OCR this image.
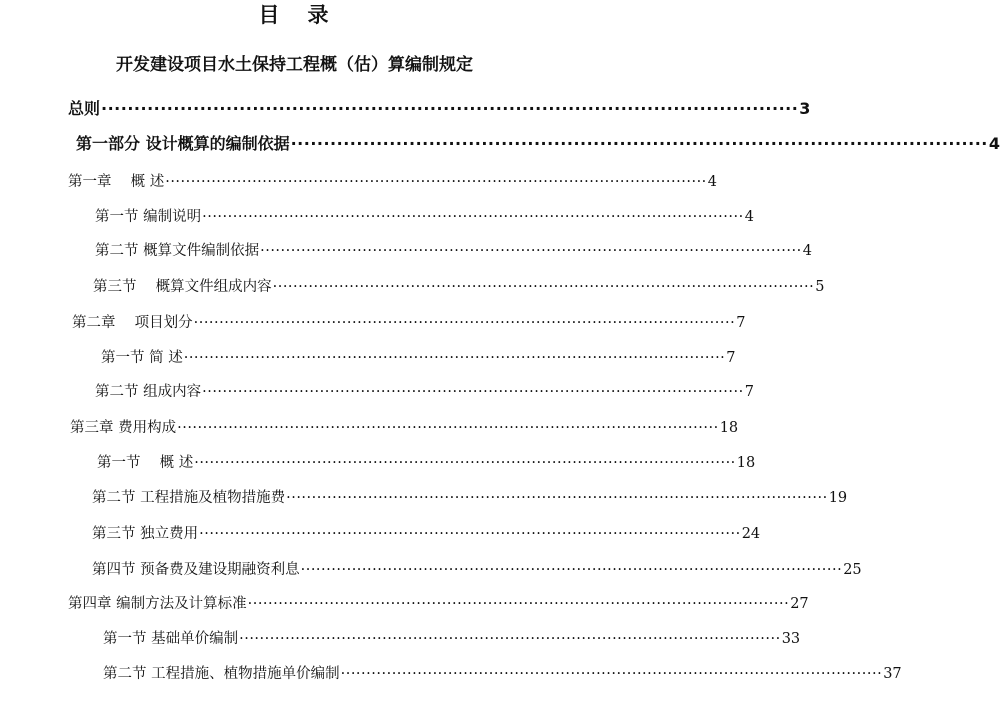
目 录
开发建设项目水土保持工程概（估）算编制规定
总则 ·········································································································· 3
第一部分 设计概算的编制依据 ·········································································································· 4
第一章　 概 述 ·········································································································· 4
第一节 编制说明 ·········································································································· 4
第二节 概算文件编制依据 ·········································································································· 4
第三节　 概算文件组成内容 ·········································································································· 5
第二章　 项目划分 ·········································································································· 7
第一节 简 述 ·········································································································· 7
第二节 组成内容 ·········································································································· 7
第三章 费用构成 ·········································································································· 18
第一节　 概 述 ·········································································································· 18
第二节 工程措施及植物措施费 ·········································································································· 19
第三节 独立费用 ·········································································································· 24
第四节 预备费及建设期融资利息 ·········································································································· 25
第四章 编制方法及计算标准 ·········································································································· 27
第一节 基础单价编制 ·········································································································· 33
第二节 工程措施、植物措施单价编制 ·········································································································· 37
